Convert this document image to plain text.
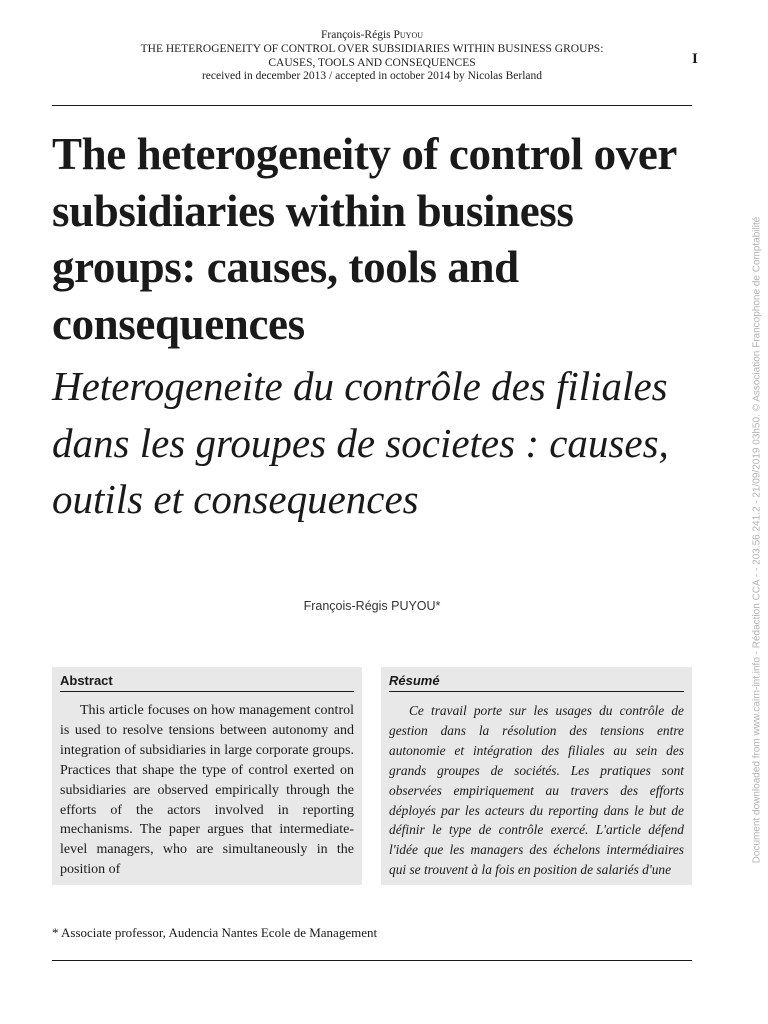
François-Régis Puyou
THE HETEROGENEITY OF CONTROL OVER SUBSIDIARIES WITHIN BUSINESS GROUPS:
CAUSES, TOOLS AND CONSEQUENCES
received in december 2013 / accepted in october 2014 by Nicolas Berland
I
The heterogeneity of control over subsidiaries within business groups: causes, tools and consequences
Heterogeneite du contrôle des filiales dans les groupes de societes : causes, outils et consequences
François-Régis PUYOU*
Abstract

This article focuses on how management control is used to resolve tensions between autonomy and integration of subsidiaries in large corporate groups. Practices that shape the type of control exerted on subsidiaries are observed empirically through the efforts of the actors involved in reporting mechanisms. The paper argues that intermediate-level managers, who are simultaneously in the position of

Résumé

Ce travail porte sur les usages du contrôle de gestion dans la résolution des tensions entre autonomie et intégration des filiales au sein des grands groupes de sociétés. Les pratiques sont observées empiriquement au travers des efforts déployés par les acteurs du reporting dans le but de définir le type de contrôle exercé. L'article défend l'idée que les managers des échelons intermédiaires qui se trouvent à la fois en position de salariés d'une

* Associate professor, Audencia Nantes Ecole de Management
Document downloaded from www.cairn-int.info - Rédaction CCA - - 203.56.241.2 - 21/09/2019 03h50. © Association Francophone de Comptabilité
